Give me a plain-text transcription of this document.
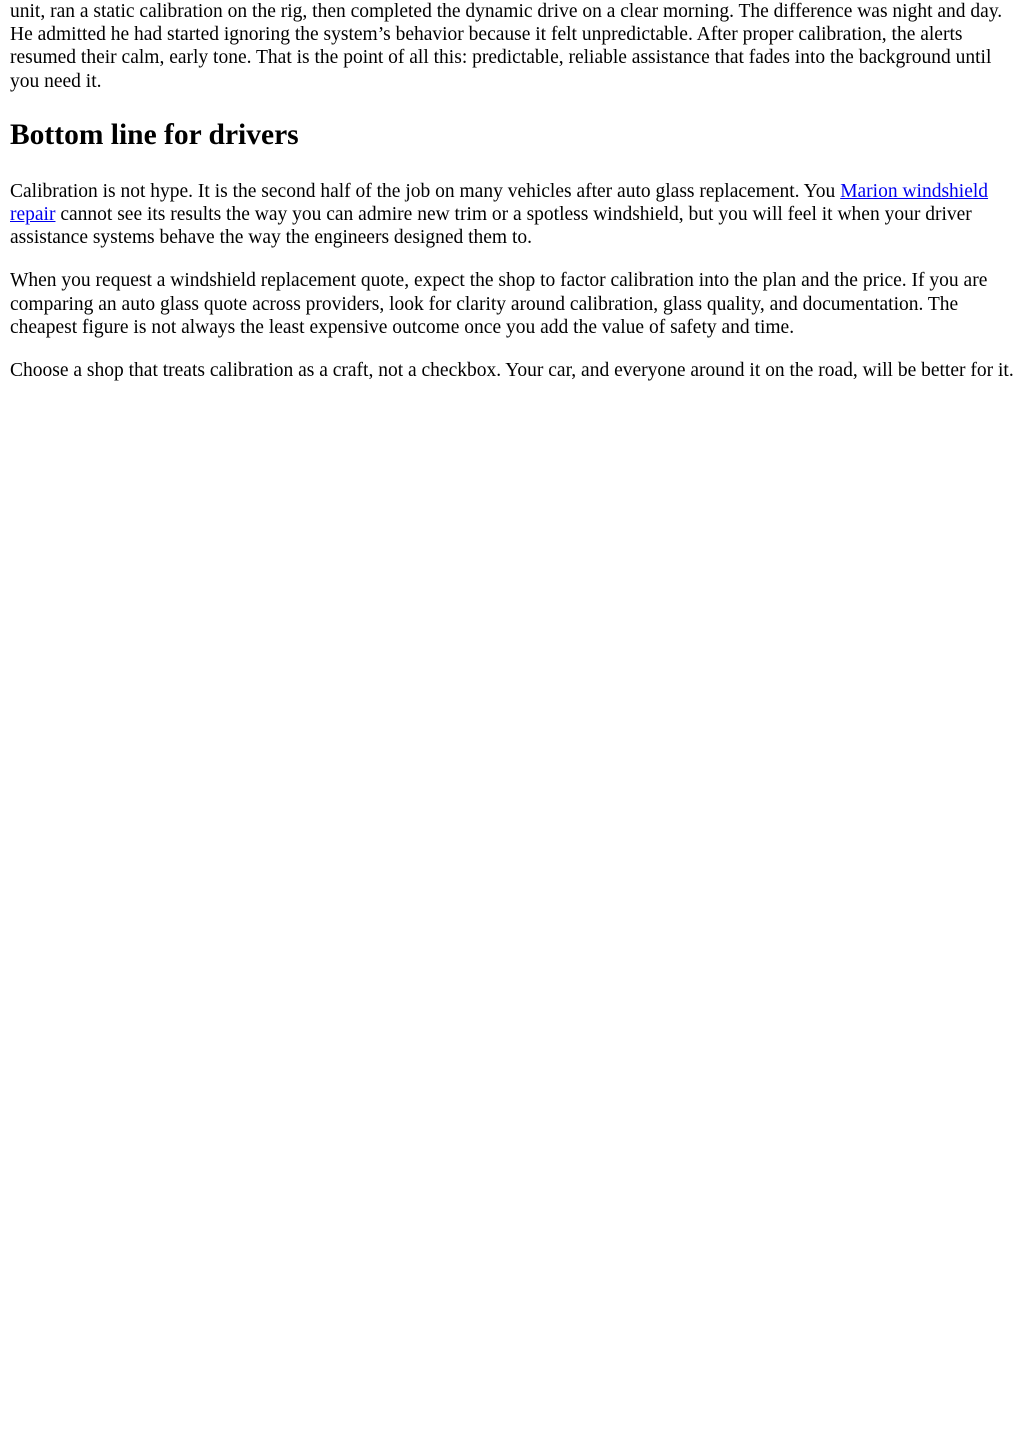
unit, ran a static calibration on the rig, then completed the dynamic drive on a clear morning. The difference was night and day. He admitted he had started ignoring the system’s behavior because it felt unpredictable. After proper calibration, the alerts resumed their calm, early tone. That is the point of all this: predictable, reliable assistance that fades into the background until you need it.

Bottom line for drivers

Calibration is not hype. It is the second half of the job on many vehicles after auto glass replacement. You Marion windshield repair cannot see its results the way you can admire new trim or a spotless windshield, but you will feel it when your driver assistance systems behave the way the engineers designed them to.

When you request a windshield replacement quote, expect the shop to factor calibration into the plan and the price. If you are comparing an auto glass quote across providers, look for clarity around calibration, glass quality, and documentation. The cheapest figure is not always the least expensive outcome once you add the value of safety and time.

Choose a shop that treats calibration as a craft, not a checkbox. Your car, and everyone around it on the road, will be better for it.
